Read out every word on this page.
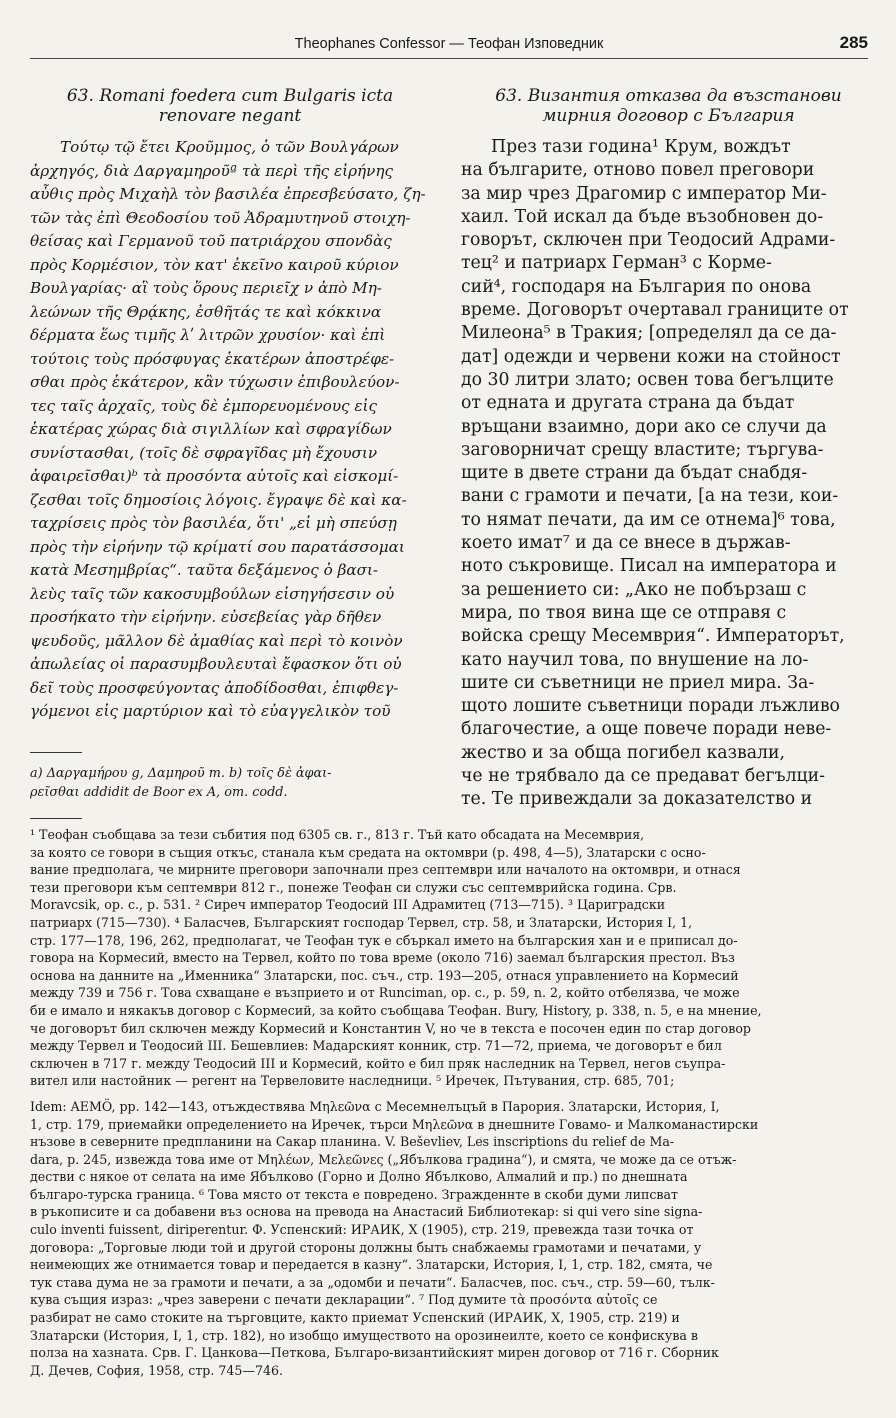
Theophanes Confessor — Теофан Изповедник	285
63. Romani foedera cum Bulgaris icta
renovare negant
Τούτῳ τῷ ἔτει Κροῦμμος, ὁ τῶν Βουλγάρων
ἀρχηγός, διὰ Δαργαμηροῦª τὰ περὶ τῆς εἰρήνης
αὖθις πρὸς Μιχαὴλ τὸν βασιλέα ἐπρεσβεύσατο, ζη-
τῶν τὰς ἐπὶ Θεοδοσίου τοῦ Ἀδραμυτηνοῦ στοιχη-
θείσας καὶ Γερμανοῦ τοῦ πατριάρχου σπονδὰς
πρὸς Κορμέσιον, τὸν κατ' ἐκεῖνο καιροῦ κύριον
Βουλγαρίας· αἳ τοὺς ὅρους περιεῖχ ν ἀπὸ Μη-
λεώνων τῆς Θρᾴκης, ἐσθῆτάς τε καὶ κόκκινα
δέρματα ἕως τιμῆς λʹ λιτρῶν χρυσίον· καὶ ἐπὶ
τούτοις τοὺς πρόσφυγας ἑκατέρων ἀποστρέφε-
σθαι πρὸς ἑκάτερον, κἂν τύχωσιν ἐπιβουλεύον-
τες ταῖς ἀρχαῖς, τοὺς δὲ ἐμπορευομένους εἰς
ἑκατέρας χώρας διὰ σιγιλλίων καὶ σφραγίδων
συνίστασθαι, (τοῖς δὲ σφραγῖδας μὴ ἔχουσιν
ἀφαιρεῖσθαι)ᵇ τὰ προσόντα αὐτοῖς καὶ εἰσκομί-
ζεσθαι τοῖς δημοσίοις λόγοις. ἔγραψε δὲ καὶ κα-
ταχρίσεις πρὸς τὸν βασιλέα, ὅτι' „εἰ μὴ σπεύσῃ
πρὸς τὴν εἰρήνην τῷ κρίματί σου παρατάσσομαι
κατὰ Μεσημβρίας“. ταῦτα δεξάμενος ὁ βασι-
λεὺς ταῖς τῶν κακοσυμβούλων εἰσηγήσεσιν οὐ
προσήκατο τὴν εἰρήνην. εὐσεβείας γὰρ δῆθεν
ψευδοῦς, μᾶλλον δὲ ἀμαθίας καὶ περὶ τὸ κοινὸν
ἀπωλείας οἱ παρασυμβουλευταὶ ἔφασκον ὅτι οὐ
δεῖ τοὺς προσφεύγοντας ἀποδίδοσθαι, ἐπιφθεγ-
γόμενοι εἰς μαρτύριον καὶ τὸ εὐαγγελικὸν τοῦ
63. Византия отказва да възстанови
мирния договор с България
През тази година¹ Крум, вождът
на българите, отново повел преговори
за мир чрез Драгомир с император Ми-
хаил. Той искал да бъде възобновен до-
говорът, сключен при Теодосий Адрами-
тец² и патриарх Герман³ с Корме-
сий⁴, господаря на България по онова
време. Договорът очертавал границите от
Милеона⁵ в Тракия; [определял да се да-
дат] одежди и червени кожи на стойност
до 30 литри злато; освен това бегълците
от едната и другата страна да бъдат
връщани взаимно, дори ако се случи да
заговорничат срещу властите; търгува-
щите в двете страни да бъдат снабдя-
вани с грамоти и печати, [а на тези, кои-
то нямат печати, да им се отнема]⁶ това,
което имат⁷ и да се внесе в държав-
ното съкровище. Писал на императора и
за решението си: „Ако не побързаш с
мира, по твоя вина ще се отправя с
войска срещу Месемврия“. Императорът,
като научил това, по внушение на ло-
шите си съветници не приел мира. За-
щото лошите съветници поради лъжливо
благочестие, а още повече поради неве-
жество и за обща погибел казвали,
че не трябвало да се предават бегълци-
те. Те привеждали за доказателство и
a) Δαργαμήρου g, Δαμηροῦ m. b) τοῖς δὲ ἀφαι-
ρεῖσθαι addidit de Boor ex A, om. codd.
¹ Теофан съобщава за тези събития под 6305 св. г., 813 г. Тъй като обсадата на Месемврия,
за която се говори в същия откъс, станала към средата на октомври (р. 498, 4—5), Златарски с осно-
вание предполага, че мирните преговори започнали през септември или началото на октомври, и отнася
тези преговори към септември 812 г., понеже Теофан си служи със септемврийска година. Срв.
Moravcsik, op. c., p. 531. ² Сиреч император Теодосий III Адрамитец (713—715). ³ Цариградски
патриарх (715—730). ⁴ Баласчев, Българският господар Тервел, стр. 58, и Златарски, История I, 1,
стр. 177—178, 196, 262, предполагат, че Теофан тук е сбъркал името на българския хан и е приписал до-
говора на Кормесий, вместо на Тервел, който по това време (около 716) заемал българския престол. Въз
основа на данните на „Именника“ Златарски, пос. съч., стр. 193—205, отнася управлението на Кормесий
между 739 и 756 г. Това схващане е възприето и от Runciman, op. c., p. 59, n. 2, който отбелязва, че може
би е имало и някакъв договор с Кормесий, за който съобщава Теофан. Bury, History, p. 338, n. 5, е на мнение,
че договорът бил сключен между Кормесий и Константин V, но че в текста е посочен един по стар договор
между Тервел и Теодосий III. Бешевлиев: Мадарският конник, стр. 71—72, приема, че договорът е бил
сключен в 717 г. между Теодосий III и Кормесий, който е бил пряк наследник на Тервел, негов съупра-
вител или настойник — регент на Тервеловите наследници. ⁵ Иречек, Пътувания, стр. 685, 701;
Idem: AEMÖ, pp. 142—143, отъждествява Μηλεῶνα с Месемнелъцъй в Парория. Златарски, История, I,
1, стр. 179, приемайки определението на Иречек, търси Μηλεῶνα в днешните Говамо- и Малкоманастирски
нъзове в северните предпланини на Сакар планина. V. Beševliev, Les inscriptions du relief de Ma-
dara, p. 245, извежда това име от Μηλέων, Μελεῶνες („Ябълкова градина“), и смята, че може да се отъж-
дестви с някое от селата на име Ябълково (Горно и Долно Ябълково, Алмалий и пр.) по днешната
българо-турска граница. ⁶ Това място от текста е повредено. Згражденнте в скоби думи липсват
в ръкописите и са добавени въз основа на превода на Анастасий Библиотекар: si qui vero sine signa-
culo inventi fuissent, diriperentur. Ф. Успенский: ИРАИК, X (1905), стр. 219, превежда тази точка от
договора: „Торговые люди той и другой стороны должны быть снабжаемы грамотами и печатами, у
неимеющих же отнимается товар и передается в казну“. Златарски, История, I, 1, стр. 182, смята, че
тук става дума не за грамоти и печати, а за „одомби и печати“. Баласчев, пос. съч., стр. 59—60, тълк-
кува същия израз: „чрез заверени с печати декларации“. ⁷ Под думите τὰ προσόντα αὐτοῖς се
разбират не само стоките на търговците, както приемат Успенский (ИРАИК, X, 1905, стр. 219) и
Златарски (История, I, 1, стр. 182), но изобщо имуществото на орозинеилте, което се конфискува в
полза на хазната. Срв. Г. Цанкова—Петкова, Българо-византийският мирен договор от 716 г. Сборник
Д. Дечев, София, 1958, стр. 745—746.
